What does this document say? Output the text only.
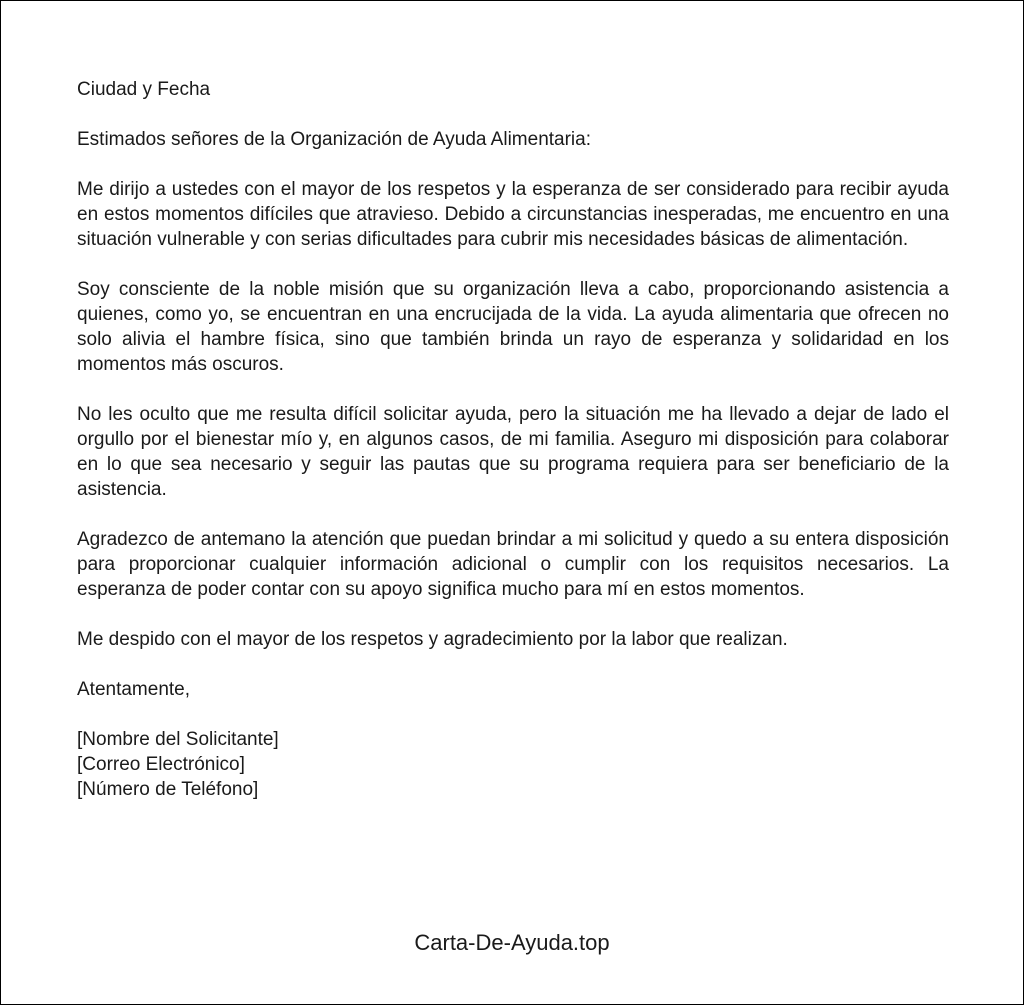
Ciudad y Fecha

Estimados señores de la Organización de Ayuda Alimentaria:

Me dirijo a ustedes con el mayor de los respetos y la esperanza de ser considerado para recibir ayuda en estos momentos difíciles que atravieso. Debido a circunstancias inesperadas, me encuentro en una situación vulnerable y con serias dificultades para cubrir mis necesidades básicas de alimentación.

Soy consciente de la noble misión que su organización lleva a cabo, proporcionando asistencia a quienes, como yo, se encuentran en una encrucijada de la vida. La ayuda alimentaria que ofrecen no solo alivia el hambre física, sino que también brinda un rayo de esperanza y solidaridad en los momentos más oscuros.

No les oculto que me resulta difícil solicitar ayuda, pero la situación me ha llevado a dejar de lado el orgullo por el bienestar mío y, en algunos casos, de mi familia. Aseguro mi disposición para colaborar en lo que sea necesario y seguir las pautas que su programa requiera para ser beneficiario de la asistencia.

Agradezco de antemano la atención que puedan brindar a mi solicitud y quedo a su entera disposición para proporcionar cualquier información adicional o cumplir con los requisitos necesarios. La esperanza de poder contar con su apoyo significa mucho para mí en estos momentos.

Me despido con el mayor de los respetos y agradecimiento por la labor que realizan.

Atentamente,

[Nombre del Solicitante]
[Correo Electrónico]
[Número de Teléfono]
Carta-De-Ayuda.top
